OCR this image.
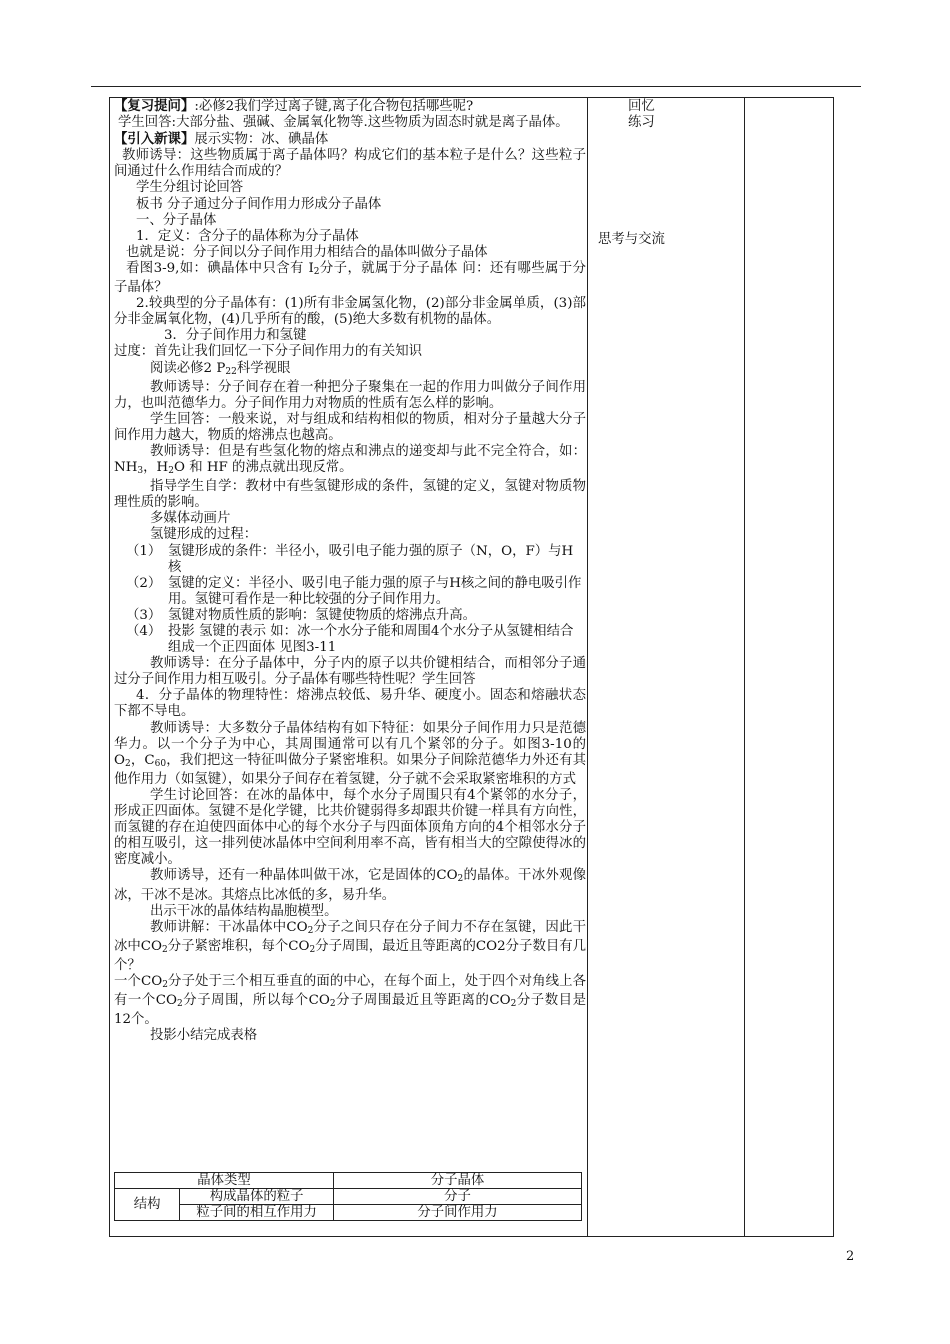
【复习提问】:必修2我们学过离子键,离子化合物包括哪些呢?

学生回答:大部分盐、强碱、金属氧化物等.这些物质为固态时就是离子晶体。

【引入新课】展示实物：冰、碘晶体

教师诱导：这些物质属于离子晶体吗？构成它们的基本粒子是什么？这些粒子间通过什么作用结合而成的？

学生分组讨论回答

板书 分子通过分子间作用力形成分子晶体

一、分子晶体

1．定义：含分子的晶体称为分子晶体

也就是说：分子间以分子间作用力相结合的晶体叫做分子晶体

看图3-9,如：碘晶体中只含有 $I_2$分子，就属于分子晶体 问：还有哪些属于分子晶体？

2.较典型的分子晶体有：(1)所有非金属氢化物，(2)部分非金属单质，(3)部分非金属氧化物，(4)几乎所有的酸，(5)绝大多数有机物的晶体。

3．分子间作用力和氢键

过度：首先让我们回忆一下分子间作用力的有关知识

阅读必修2 $P_{22}$科学视眼

教师诱导：分子间存在着一种把分子聚集在一起的作用力叫做分子间作用力，也叫范德华力。分子间作用力对物质的性质有怎么样的影响。

学生回答：一般来说，对与组成和结构相似的物质，相对分子量越大分子间作用力越大，物质的熔沸点也越高。

教师诱导：但是有些氢化物的熔点和沸点的递变却与此不完全符合，如：$NH_3$，$H_2O$ 和 HF 的沸点就出现反常。

指导学生自学：教材中有些氢键形成的条件，氢键的定义，氢键对物质物理性质的影响。

多媒体动画片

氢键形成的过程：

（1） 氢键形成的条件：半径小，吸引电子能力强的原子（N，O，F）与H核
（2） 氢键的定义：半径小、吸引电子能力强的原子与H核之间的静电吸引作用。氢键可看作是一种比较强的分子间作用力。
（3） 氢键对物质性质的影响：氢键使物质的熔沸点升高。
（4） 投影 氢键的表示 如：冰一个水分子能和周围4个水分子从氢键相结合组成一个正四面体 见图3-11

教师诱导：在分子晶体中，分子内的原子以共价键相结合，而相邻分子通过分子间作用力相互吸引。分子晶体有哪些特性呢？学生回答

4．分子晶体的物理特性：熔沸点较低、易升华、硬度小。固态和熔融状态下都不导电。

教师诱导：大多数分子晶体结构有如下特征：如果分子间作用力只是范德华力。以一个分子为中心，其周围通常可以有几个紧邻的分子。如图3-10的$O_2$，$C_{60}$，我们把这一特征叫做分子紧密堆积。如果分子间除范德华力外还有其他作用力（如氢键），如果分子间存在着氢键，分子就不会采取紧密堆积的方式

学生讨论回答：在冰的晶体中，每个水分子周围只有4个紧邻的水分子，形成正四面体。氢键不是化学键，比共价键弱得多却跟共价键一样具有方向性，而氢键的存在迫使四面体中心的每个水分子与四面体顶角方向的4个相邻水分子的相互吸引，这一排列使冰晶体中空间利用率不高，皆有相当大的空隙使得冰的密度减小。

教师诱导，还有一种晶体叫做干冰，它是固体的$CO_2$的晶体。干冰外观像冰，干冰不是冰。其熔点比冰低的多，易升华。

出示干冰的晶体结构晶胞模型。

教师讲解：干冰晶体中$CO_2$分子之间只存在分子间力不存在氢键，因此干冰中$CO_2$分子紧密堆积，每个$CO_2$分子周围，最近且等距离的CO2分子数目有几个？

一个$CO_2$分子处于三个相互垂直的面的中心，在每个面上，处于四个对角线上各有一个$CO_2$分子周围，所以每个$CO_2$分子周围最近且等距离的$CO_2$分子数目是12个。

投影小结完成表格

晶体类型		分子晶体
结构	构成晶体的粒子	分子
	粒子间的相互作用力	分子间作用力
回忆
练习
思考与交流
2
